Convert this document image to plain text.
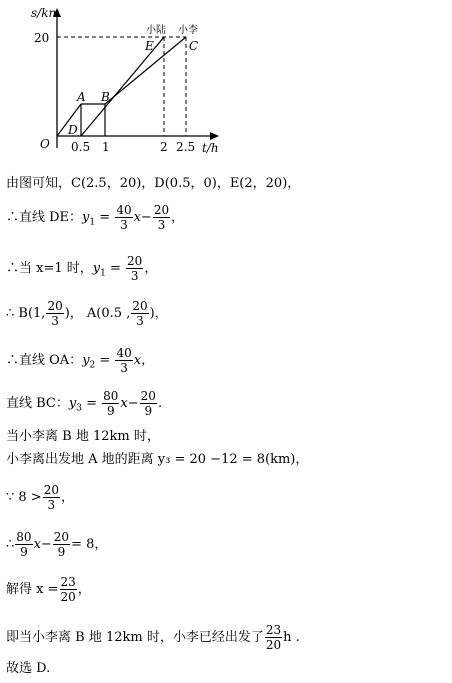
s/km
20
O 0.5 1	2 2.5 t/h
A B
D
E	C
小陆 小李
由图可知，C(2.5，20)，D(0.5，0)，E(2，20)，
∴直线 DE：$y_1 = \frac{40}{3} x- \frac{20}{3}$ ，
∴当 x=1 时，$y_1 = \frac{20}{3}$ ，
∴ B(1, $\frac{20}{3}$ )， A(0.5 , $\frac{20}{3}$ )，
∴直线 OA：$y_2 = \frac{40}{3}$ x，
直线 BC：$y_3 = \frac{80}{9} x- \frac{20}{9}$ .
当小李离 B 地 12km 时，
小李离出发地 A 地的距离 y₃ = 20 −12 = 8(km)，
∵ $8 > \frac{20}{3}$ ，
∴ $\frac{80}{9} x- \frac{20}{9} = 8$，
解得 $x = \frac{23}{20}$ ，
即当小李离 B 地 12km 时，小李已经出发了 $\frac{23}{20}$ h .
故选 D.
